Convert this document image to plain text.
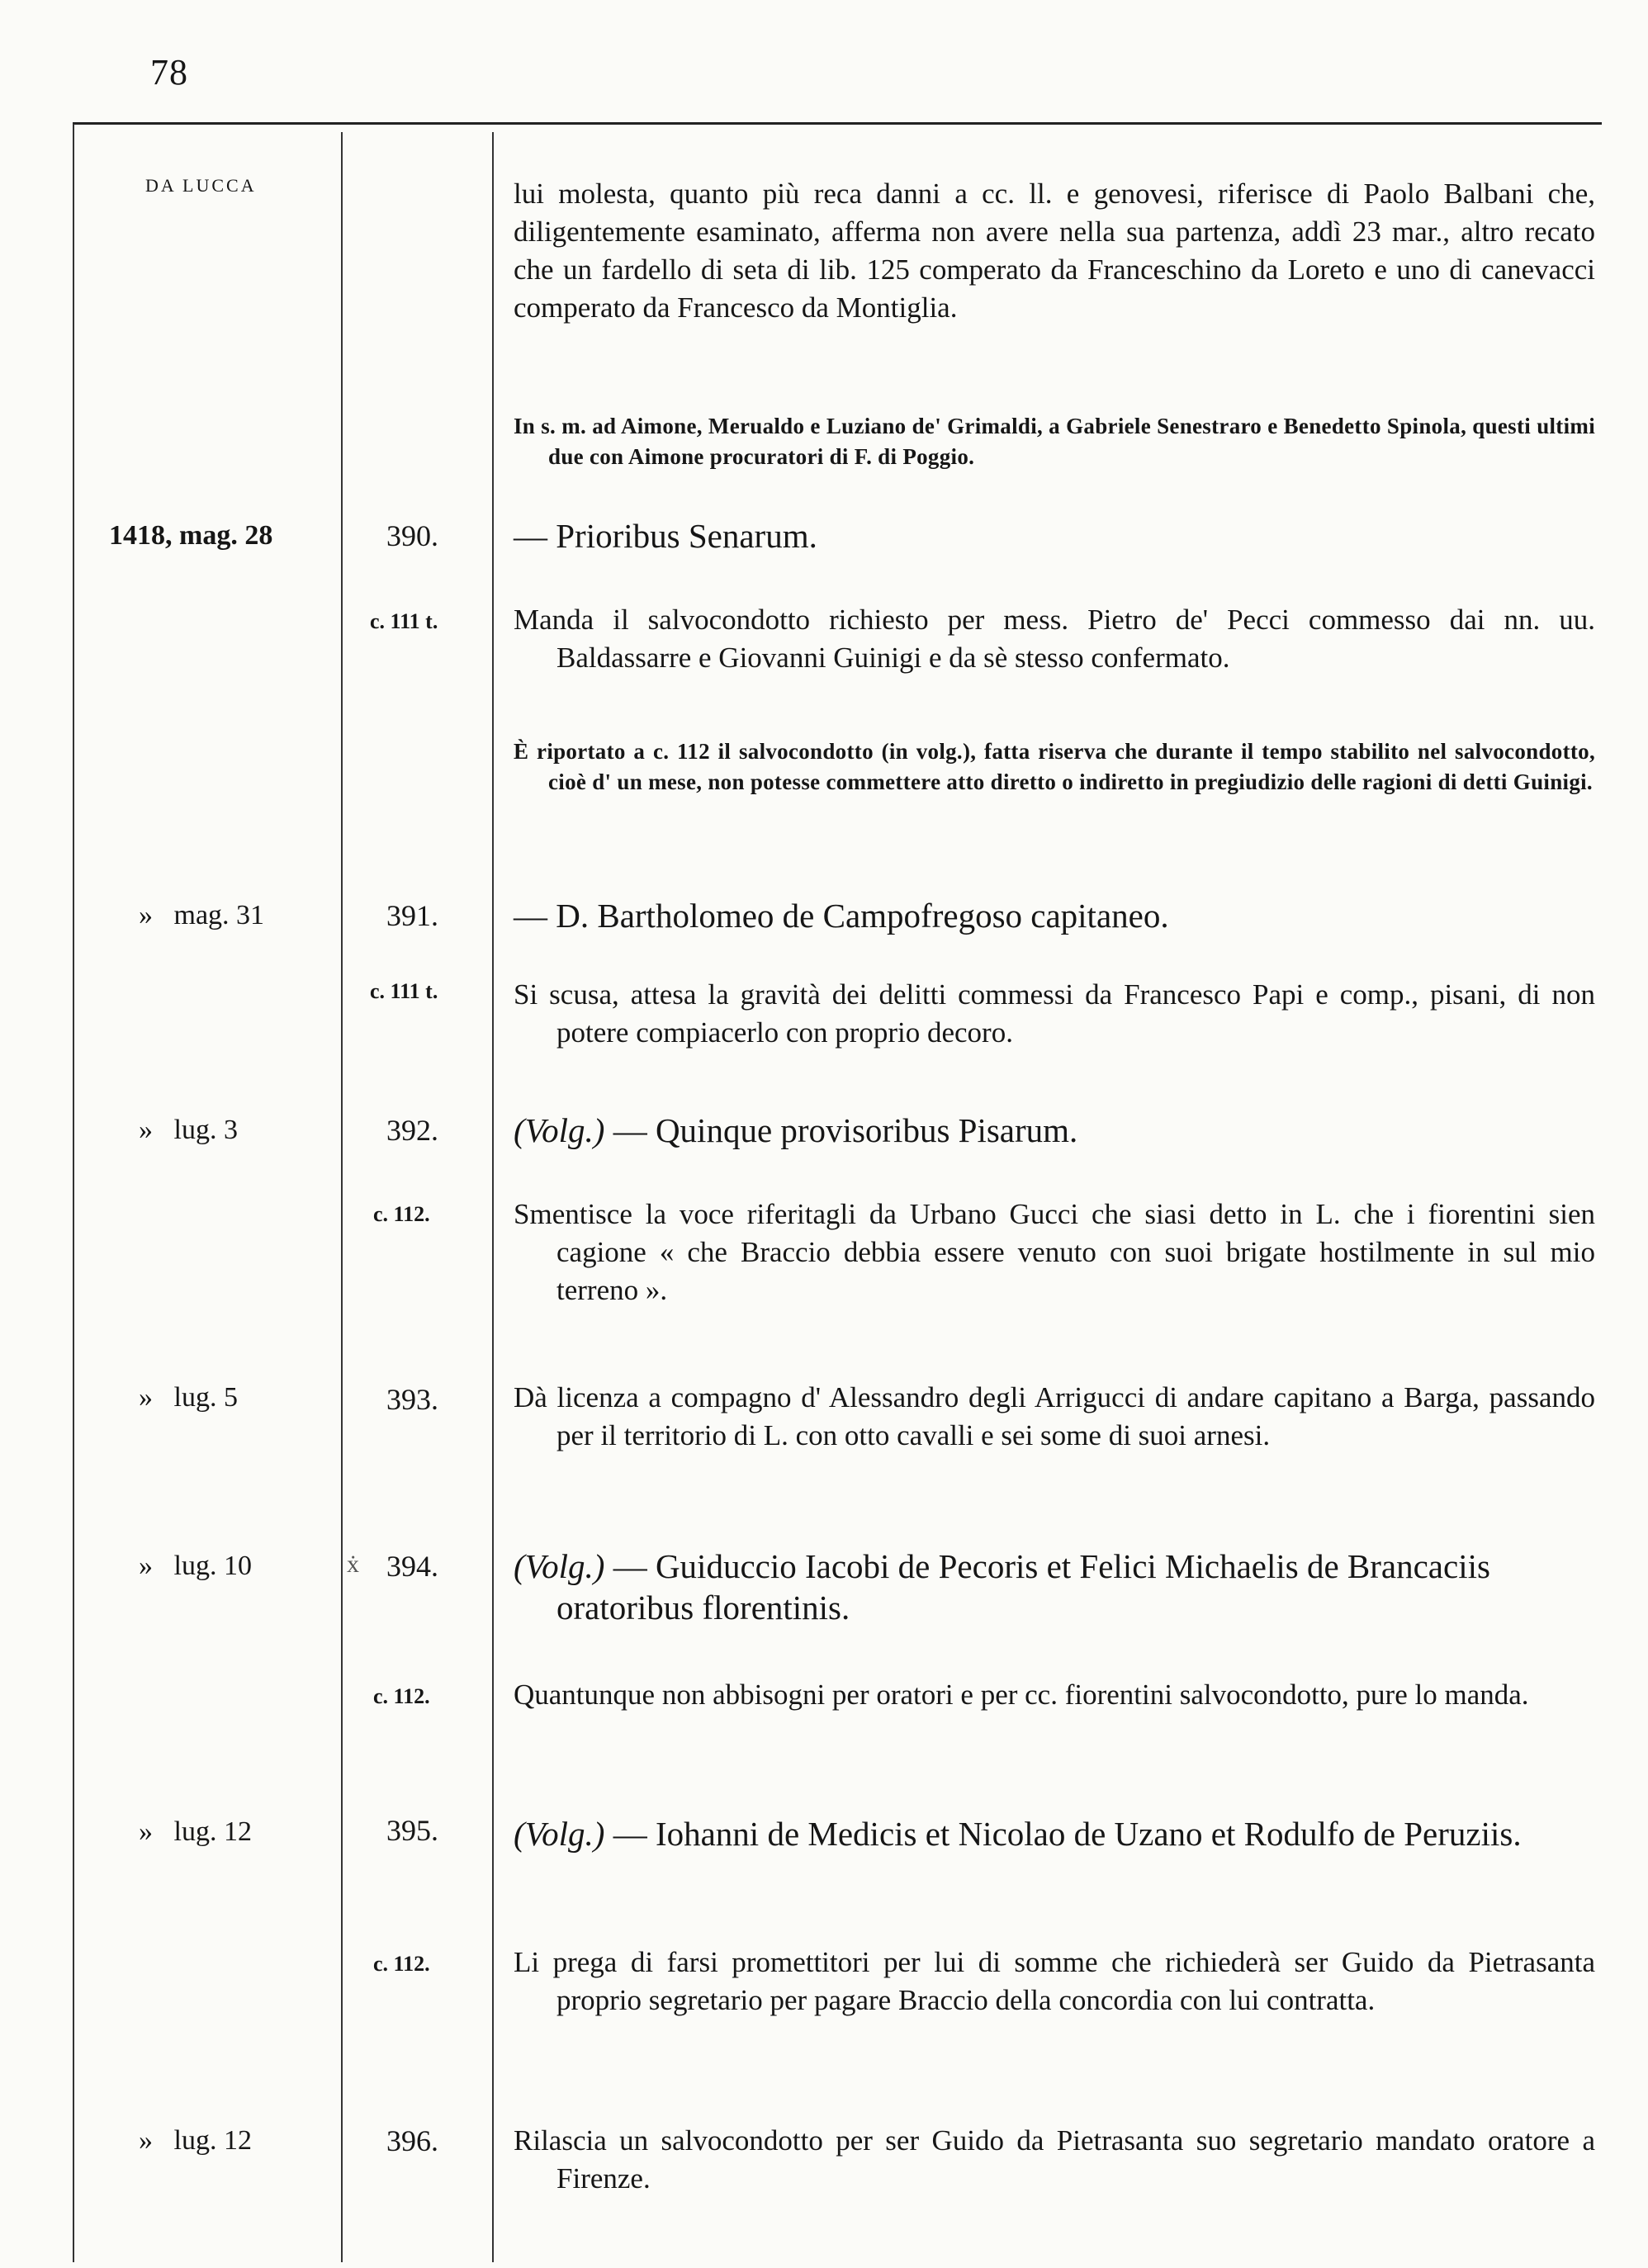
78
DA LUCCA	lui molesta, quanto più reca danni a cc. ll. e genovesi, riferisce di Paolo Balbani che, diligentemente esaminato, afferma non avere nella sua partenza, addì 23 mar., altro recato che un fardello di seta di lib. 125 comperato da Franceschino da Loreto e uno di canevacci comperato da Francesco da Montiglia.
In s. m. ad Aimone, Merualdo e Luziano de' Grimaldi, a Gabriele Senestraro e Benedetto Spinola, questi ultimi due con Aimone procuratori di F. di Poggio.
1418, mag. 28	390. — Prioribus Senarum.
c. 111 t.	Manda il salvocondotto richiesto per mess. Pietro de' Pecci commesso dai nn. uu. Baldassarre e Giovanni Guinigi e da sè stesso confermato.
È riportato a c. 112 il salvocondotto (in volg.), fatta riserva che durante il tempo stabilito nel salvocondotto, cioè d' un mese, non potesse commettere atto diretto o indiretto in pregiudizio delle ragioni di detti Guinigi.
» mag. 31	391. — D. Bartholomeo de Campofregoso capitaneo.
c. 111 t.	Si scusa, attesa la gravità dei delitti commessi da Francesco Papi e comp., pisani, di non potere compiacerlo con proprio decoro.
» lug. 3	392. (Volg.) — Quinque provisoribus Pisarum.
c. 112.	Smentisce la voce riferitagli da Urbano Gucci che siasi detto in L. che i fiorentini sien cagione « che Braccio debbia essere venuto con suoi brigate hostilmente in sul mio terreno ».
» lug. 5	393.	Dà licenza a compagno d' Alessandro degli Arrigucci di andare capitano a Barga, passando per il territorio di L. con otto cavalli e sei some di suoi arnesi.
» lug. 10	ẋ 394. (Volg.) — Guiduccio Iacobi de Pecoris et Felici Michaelis de Brancaciis oratoribus florentinis.
c. 112.	Quantunque non abbisogni per oratori e per cc. fiorentini salvocondotto, pure lo manda.
» lug. 12	395. (Volg.) — Iohanni de Medicis et Nicolao de Uzano et Rodulfo de Peruziis.
c. 112.	Li prega di farsi promettitori per lui di somme che richiederà ser Guido da Pietrasanta proprio segretario per pagare Braccio della concordia con lui contratta.
» lug. 12	396.	Rilascia un salvocondotto per ser Guido da Pietrasanta suo segretario mandato oratore a Firenze.
